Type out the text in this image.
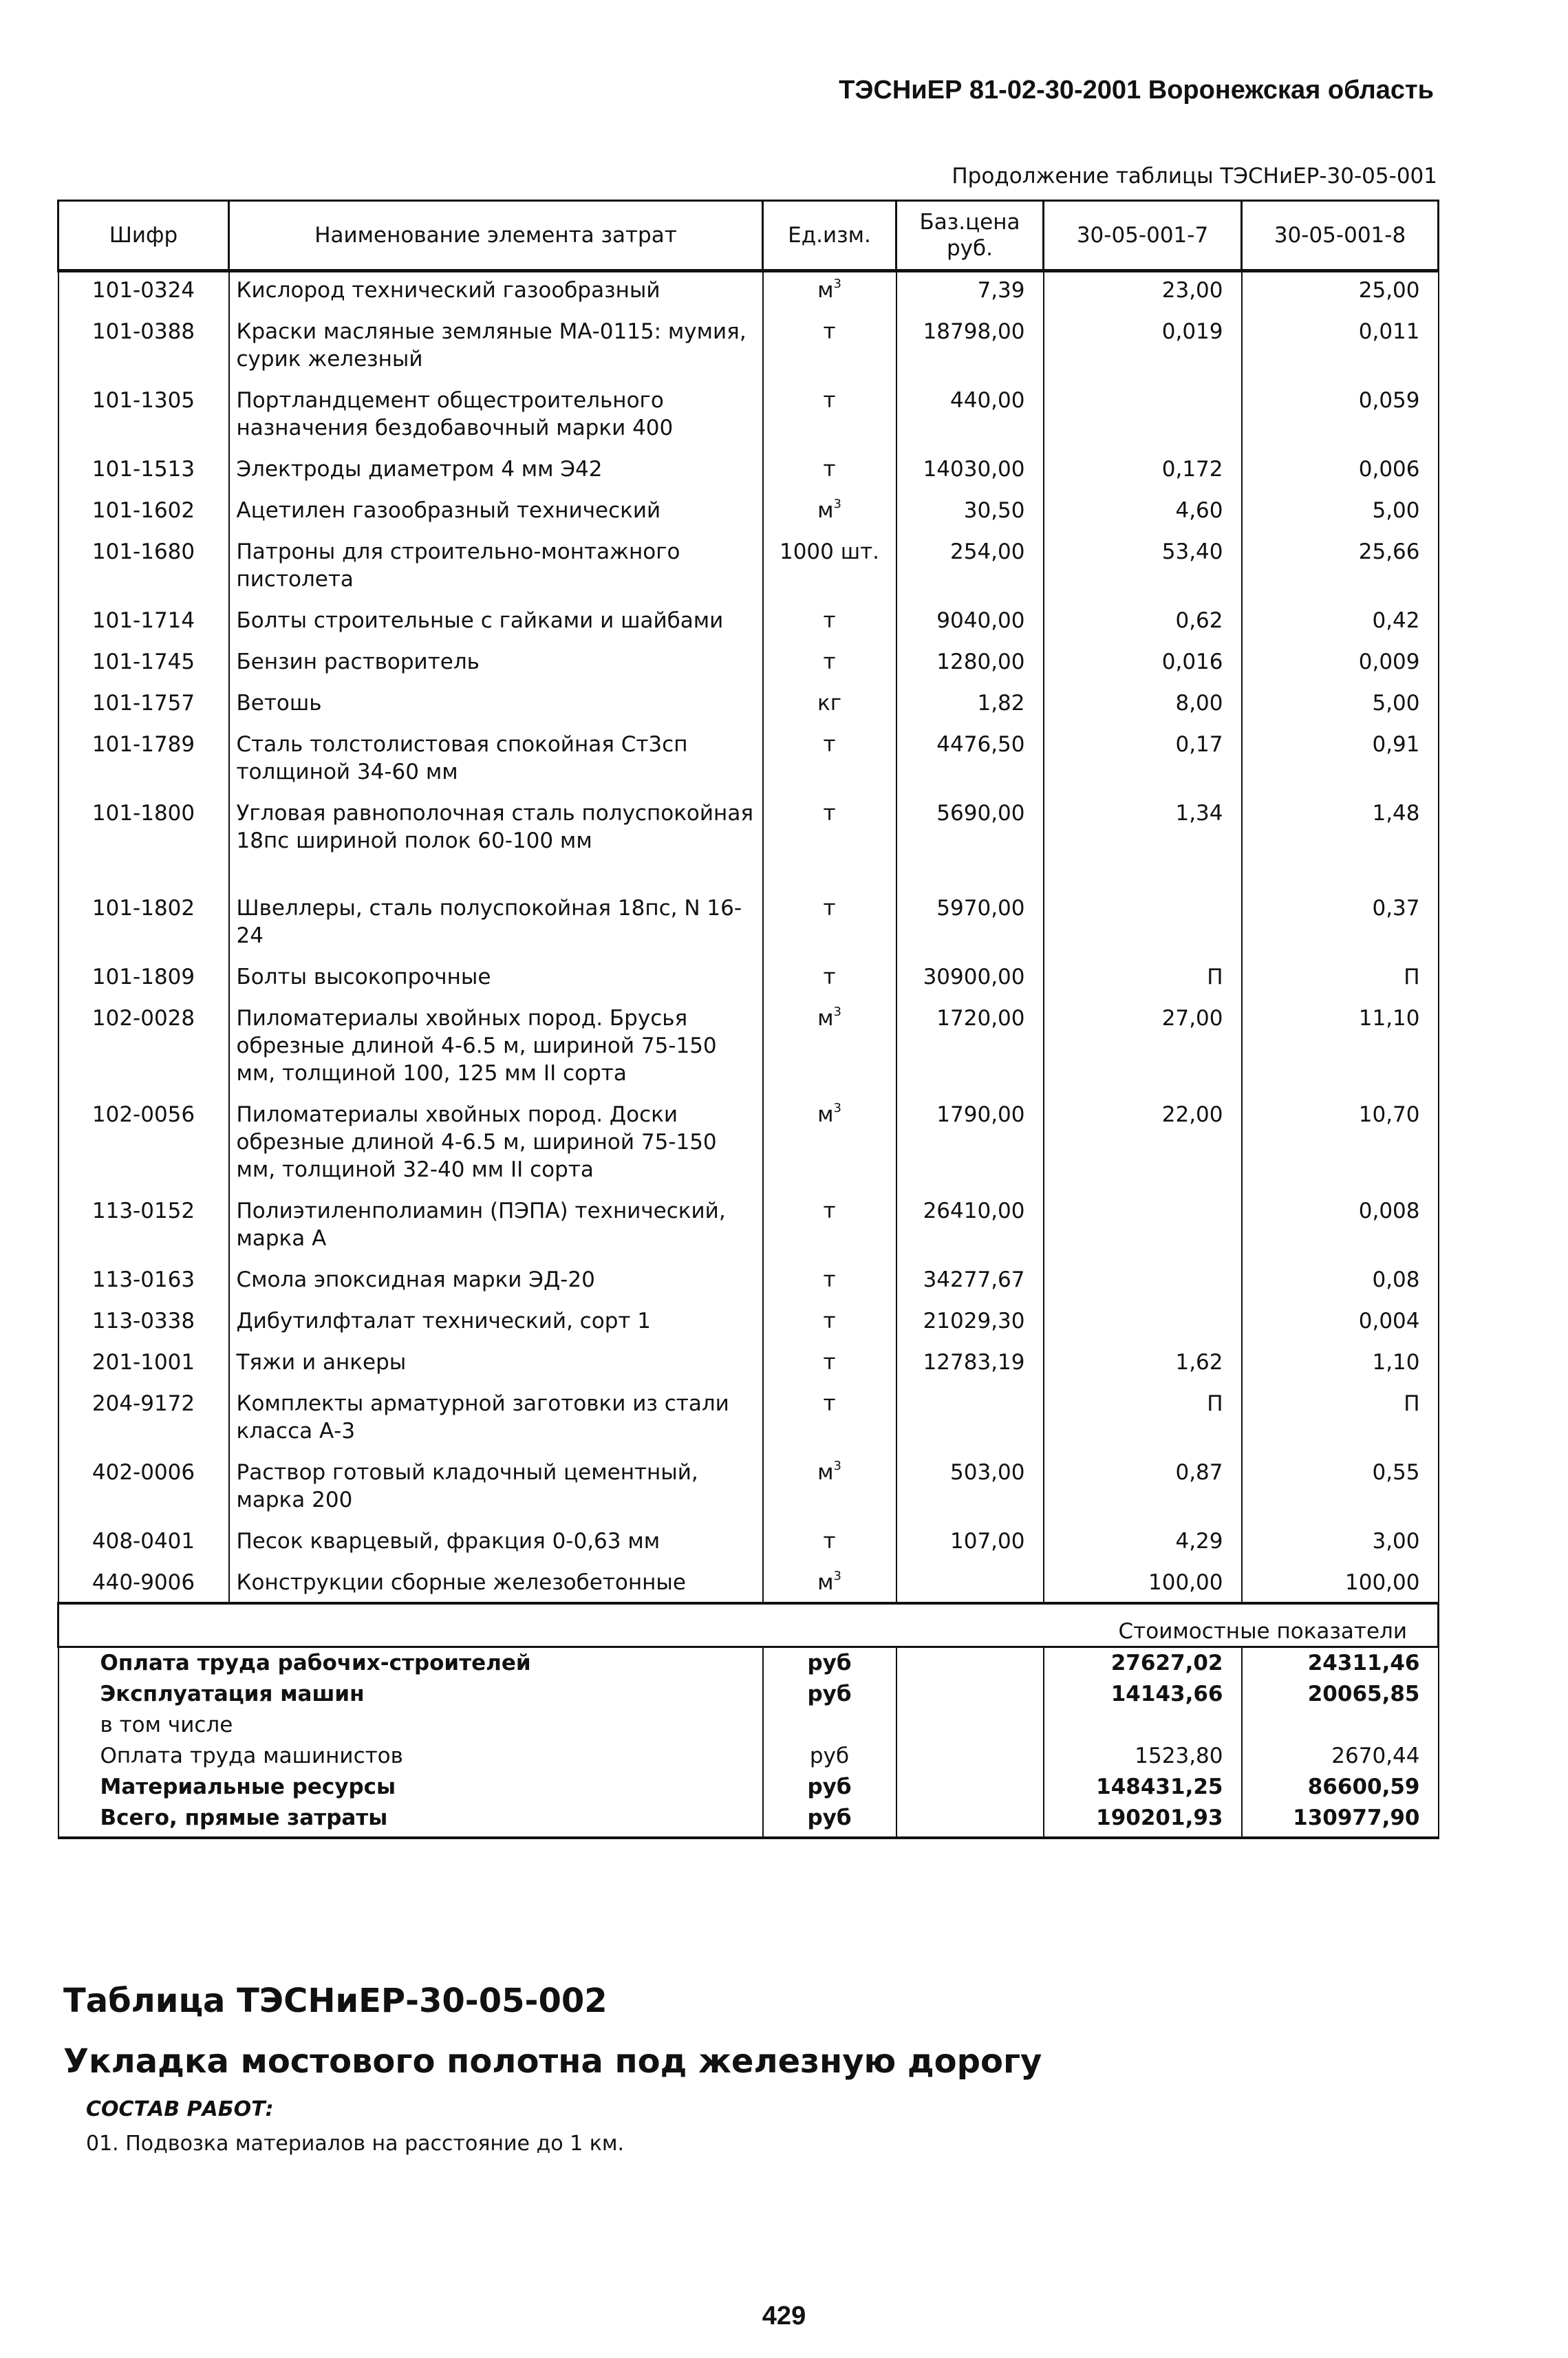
ТЭСНиЕР 81-02-30-2001 Воронежская область
Продолжение таблицы ТЭСНиЕР-30-05-001
Шифр	Наименование элемента затрат	Ед.изм.	Баз.цена руб.	30-05-001-7	30-05-001-8
101-0324	Кислород технический газообразный	$м^3$	7,39	23,00	25,00
101-0388	Краски масляные земляные МА-0115: мумия, сурик железный	т	18798,00	0,019	0,011
101-1305	Портландцемент общестроительного назначения бездобавочный марки 400	т	440,00		0,059
101-1513	Электроды диаметром 4 мм Э42	т	14030,00	0,172	0,006
101-1602	Ацетилен газообразный технический	$м^3$	30,50	4,60	5,00
101-1680	Патроны для строительно-монтажного пистолета	1000 шт.	254,00	53,40	25,66
101-1714	Болты строительные с гайками и шайбами	т	9040,00	0,62	0,42
101-1745	Бензин растворитель	т	1280,00	0,016	0,009
101-1757	Ветошь	кг	1,82	8,00	5,00
101-1789	Сталь толстолистовая спокойная Ст3сп толщиной 34-60 мм	т	4476,50	0,17	0,91
101-1800	Угловая равнополочная сталь полуспокойная 18пс шириной полок 60-100 мм	т	5690,00	1,34	1,48
101-1802	Швеллеры, сталь полуспокойная 18пс, N 16-24	т	5970,00		0,37
101-1809	Болты высокопрочные	т	30900,00	П	П
102-0028	Пиломатериалы хвойных пород. Брусья обрезные длиной 4-6.5 м, шириной 75-150 мм, толщиной 100, 125 мм II сорта	$м^3$	1720,00	27,00	11,10
102-0056	Пиломатериалы хвойных пород. Доски обрезные длиной 4-6.5 м, шириной 75-150 мм, толщиной 32-40 мм II сорта	$м^3$	1790,00	22,00	10,70
113-0152	Полиэтиленполиамин (ПЭПА) технический, марка А	т	26410,00		0,008
113-0163	Смола эпоксидная марки ЭД-20	т	34277,67		0,08
113-0338	Дибутилфталат технический, сорт 1	т	21029,30		0,004
201-1001	Тяжи и анкеры	т	12783,19	1,62	1,10
204-9172	Комплекты арматурной заготовки из стали класса А-3	т		П	П
402-0006	Раствор готовый кладочный цементный, марка 200	$м^3$	503,00	0,87	0,55
408-0401	Песок кварцевый, фракция 0-0,63 мм	т	107,00	4,29	3,00
440-9006	Конструкции сборные железобетонные	$м^3$		100,00	100,00
Стоимостные показатели					
Оплата труда рабочих-строителей		руб		27627,02	24311,46
Эксплуатация машин		руб		14143,66	20065,85
в том числе					
Оплата труда машинистов		руб		1523,80	2670,44
Материальные ресурсы		руб		148431,25	86600,59
Всего, прямые затраты		руб		190201,93	130977,90
Таблица ТЭСНиЕР-30-05-002
Укладка мостового полотна под железную дорогу
СОСТАВ РАБОТ:
01. Подвозка материалов на расстояние до 1 км.
429
